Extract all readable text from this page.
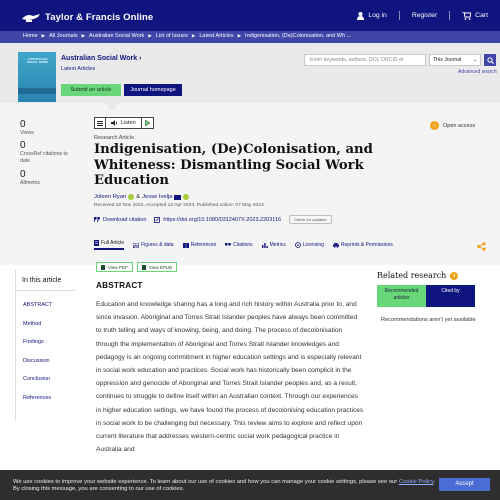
Taylor & Francis Online	Log in	Register	Cart
Home ▶ All Journals ▶ Australian Social Work ▶ List of Issues ▶ Latest Articles ▶ Indigenisation, (De)Colonisation, and Wh ...
AUSTRALIAN SOCIAL WORK
Australian Social Work ›
Latest Articles
Submit an article	Journal homepage
Enter keywords, authors, DOI, ORCID et	This Journal ⌄
Advanced search
0
Views
0
CrossRef citations to date
0
Altmetric
Listen	∩	Open access
Research Article
Indigenisation, (De)Colonisation, and Whiteness: Dismantling Social Work Education
Joleen Ryan & Jesse Ivelja
Received 02 Nov 2022, Accepted 12 Apr 2023, Published online: 07 May 2023
Download citation	https://doi.org/10.1080/0312407X.2023.2203116	Check for updates
Full Article	Figures & data	References	Citations	Metrics	Licensing	Reprints & Permissions
View PDF	View EPUB
In this article
ABSTRACT
Method
Findings
Discussion
Conclusion
References
ABSTRACT
Education and knowledge sharing has a long and rich history within Australia prior to, and since invasion. Aboriginal and Torres Strait Islander peoples have always been committed to truth telling and ways of knowing, being, and doing. The process of decolonisation through the implementation of Aboriginal and Torres Strait Islander knowledges and pedagogy is an ongoing commitment in higher education settings and is especially relevant in social work education and practices. Social work has historically been complicit in the oppression and genocide of Aboriginal and Torres Strait Islander peoples and, as a result, continues to struggle to define itself within an Australian context. Through our experiences in higher education settings, we have found the process of decolonising education practices in social work to be challenging but necessary. This review aims to explore and reflect upon current literature that addresses western-centric social work pedagogical practice in Australia and
Related research	i
Recommended articles
Cited by
Recommendations aren't yet available
We use cookies to improve your website experience. To learn about our use of cookies and how you can manage your cookie settings, please see our Cookie Policy. By closing this message, you are consenting to our use of cookies.
Accept
